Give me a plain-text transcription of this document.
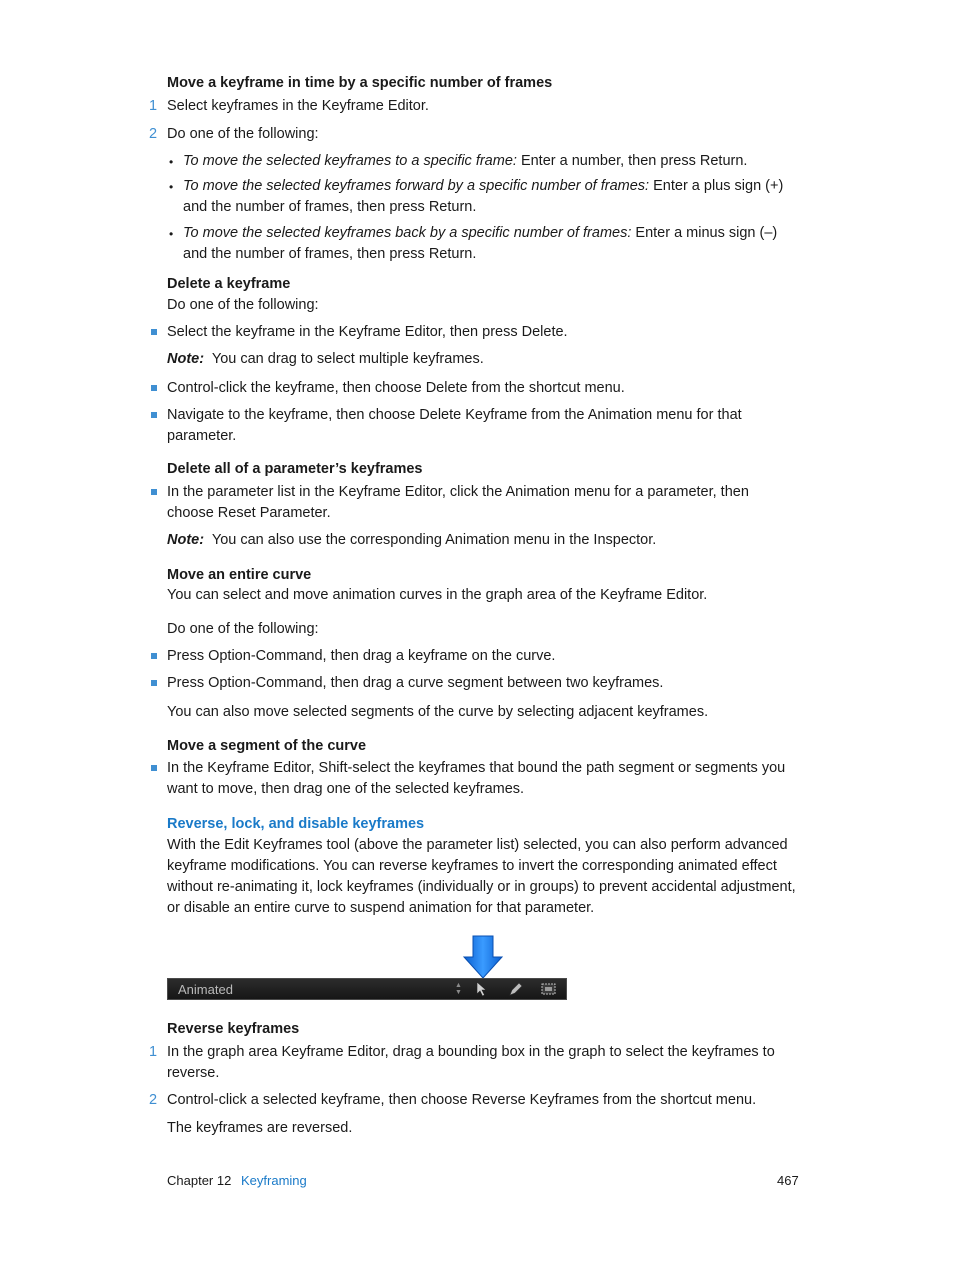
Move a keyframe in time by a specific number of frames
1 Select keyframes in the Keyframe Editor.
2 Do one of the following:
• To move the selected keyframes to a specific frame: Enter a number, then press Return.
• To move the selected keyframes forward by a specific number of frames: Enter a plus sign (+) and the number of frames, then press Return.
• To move the selected keyframes back by a specific number of frames: Enter a minus sign (–) and the number of frames, then press Return.
Delete a keyframe
Do one of the following:
Select the keyframe in the Keyframe Editor, then press Delete.
Note: You can drag to select multiple keyframes.
Control-click the keyframe, then choose Delete from the shortcut menu.
Navigate to the keyframe, then choose Delete Keyframe from the Animation menu for that parameter.
Delete all of a parameter’s keyframes
In the parameter list in the Keyframe Editor, click the Animation menu for a parameter, then choose Reset Parameter.
Note: You can also use the corresponding Animation menu in the Inspector.
Move an entire curve
You can select and move animation curves in the graph area of the Keyframe Editor.
Do one of the following:
Press Option-Command, then drag a keyframe on the curve.
Press Option-Command, then drag a curve segment between two keyframes.
You can also move selected segments of the curve by selecting adjacent keyframes.
Move a segment of the curve
In the Keyframe Editor, Shift-select the keyframes that bound the path segment or segments you want to move, then drag one of the selected keyframes.
Reverse, lock, and disable keyframes
With the Edit Keyframes tool (above the parameter list) selected, you can also perform advanced keyframe modifications. You can reverse keyframes to invert the corresponding animated effect without re-animating it, lock keyframes (individually or in groups) to prevent accidental adjustment, or disable an entire curve to suspend animation for that parameter.
Animated	▲
▼
Reverse keyframes
1 In the graph area Keyframe Editor, drag a bounding box in the graph to select the keyframes to reverse.
2 Control-click a selected keyframe, then choose Reverse Keyframes from the shortcut menu.
The keyframes are reversed.
Chapter 12 Keyframing	467
